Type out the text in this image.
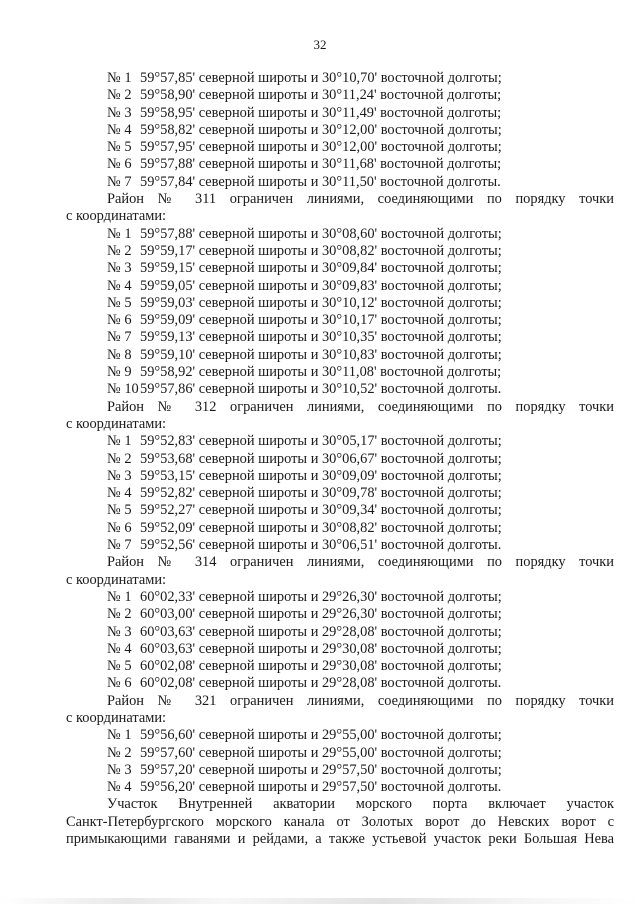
32
№ 1 59°57,85' северной широты и 30°10,70' восточной долготы;
№ 2 59°58,90' северной широты и 30°11,24' восточной долготы;
№ 3 59°58,95' северной широты и 30°11,49' восточной долготы;
№ 4 59°58,82' северной широты и 30°12,00' восточной долготы;
№ 5 59°57,95' северной широты и 30°12,00' восточной долготы;
№ 6 59°57,88' северной широты и 30°11,68' восточной долготы;
№ 7 59°57,84' северной широты и 30°11,50' восточной долготы.
Район № 311 ограничен линиями, соединяющими по порядку точки
с координатами:
№ 1 59°57,88' северной широты и 30°08,60' восточной долготы;
№ 2 59°59,17' северной широты и 30°08,82' восточной долготы;
№ 3 59°59,15' северной широты и 30°09,84' восточной долготы;
№ 4 59°59,05' северной широты и 30°09,83' восточной долготы;
№ 5 59°59,03' северной широты и 30°10,12' восточной долготы;
№ 6 59°59,09' северной широты и 30°10,17' восточной долготы;
№ 7 59°59,13' северной широты и 30°10,35' восточной долготы;
№ 8 59°59,10' северной широты и 30°10,83' восточной долготы;
№ 9 59°58,92' северной широты и 30°11,08' восточной долготы;
№ 1059°57,86' северной широты и 30°10,52' восточной долготы.
Район № 312 ограничен линиями, соединяющими по порядку точки
с координатами:
№ 1 59°52,83' северной широты и 30°05,17' восточной долготы;
№ 2 59°53,68' северной широты и 30°06,67' восточной долготы;
№ 3 59°53,15' северной широты и 30°09,09' восточной долготы;
№ 4 59°52,82' северной широты и 30°09,78' восточной долготы;
№ 5 59°52,27' северной широты и 30°09,34' восточной долготы;
№ 6 59°52,09' северной широты и 30°08,82' восточной долготы;
№ 7 59°52,56' северной широты и 30°06,51' восточной долготы.
Район № 314 ограничен линиями, соединяющими по порядку точки
с координатами:
№ 1 60°02,33' северной широты и 29°26,30' восточной долготы;
№ 2 60°03,00' северной широты и 29°26,30' восточной долготы;
№ 3 60°03,63' северной широты и 29°28,08' восточной долготы;
№ 4 60°03,63' северной широты и 29°30,08' восточной долготы;
№ 5 60°02,08' северной широты и 29°30,08' восточной долготы;
№ 6 60°02,08' северной широты и 29°28,08' восточной долготы.
Район № 321 ограничен линиями, соединяющими по порядку точки
с координатами:
№ 1 59°56,60' северной широты и 29°55,00' восточной долготы;
№ 2 59°57,60' северной широты и 29°55,00' восточной долготы;
№ 3 59°57,20' северной широты и 29°57,50' восточной долготы;
№ 4 59°56,20' северной широты и 29°57,50' восточной долготы.
Участок Внутренней акватории морского порта включает участок
Санкт-Петербургского морского канала от Золотых ворот до Невских ворот с
примыкающими гаванями и рейдами, а также устьевой участок реки Большая Нева
